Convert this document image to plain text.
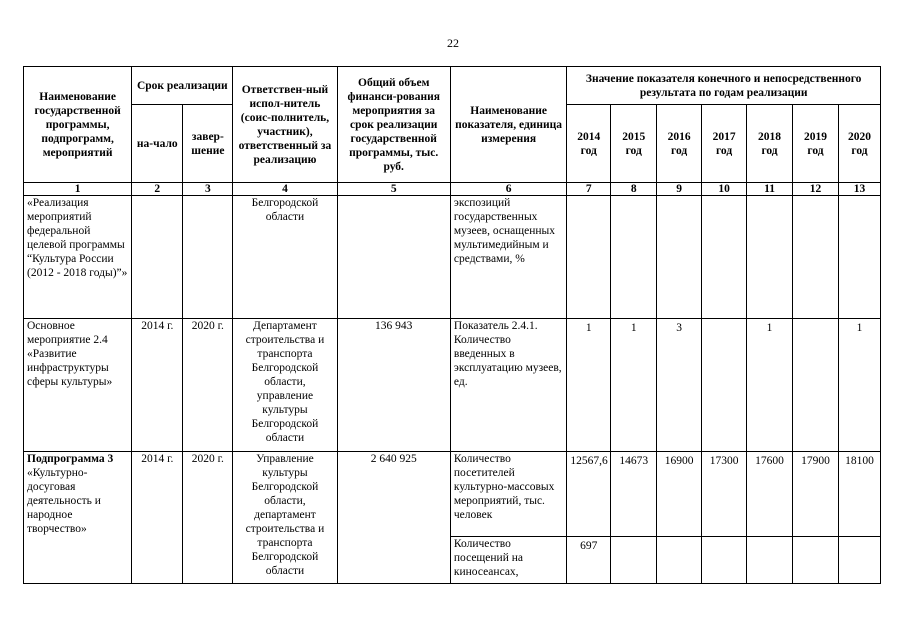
22
Наименование государственной программы, подпрограмм, мероприятий	Срок реализации		Ответствен-ный испол-нитель (соис-полнитель, участник), ответственный за реализацию	Общий объем финанси-рования мероприятия за срок реализации государственной программы, тыс. руб.	Наименование показателя, единица измерения	Значение показателя конечного и непосредственного результата по годам реализации						
	на-чало	завер-шение				2014 год	2015 год	2016 год	2017 год	2018 год	2019 год	2020 год
1	2	3	4	5	6	7	8	9	10	11	12	13
«Реализация мероприятий федеральной целевой программы “Культура России (2012 - 2018 годы)”»			Белгородской области		экспозиций государственных музеев, оснащенных мультимедийным и средствами, %							
Основное мероприятие 2.4 «Развитие инфраструктуры сферы культуры»	2014 г.	2020 г.	Департамент строительства и транспорта Белгородской области, управление культуры Белгородской области	136 943	Показатель 2.4.1. Количество введенных в эксплуатацию музеев, ед.	1	1	3		1		1
Подпрограмма 3 «Культурно-досуговая деятельность и народное творчество»	2014 г.	2020 г.	Управление культуры Белгородской области, департамент строительства и транспорта Белгородской области	2 640 925	Количество посетителей культурно-массовых мероприятий, тыс. человек	12567,6	14673	16900	17300	17600	17900	18100
					Количество посещений на киносеансах,	697						
